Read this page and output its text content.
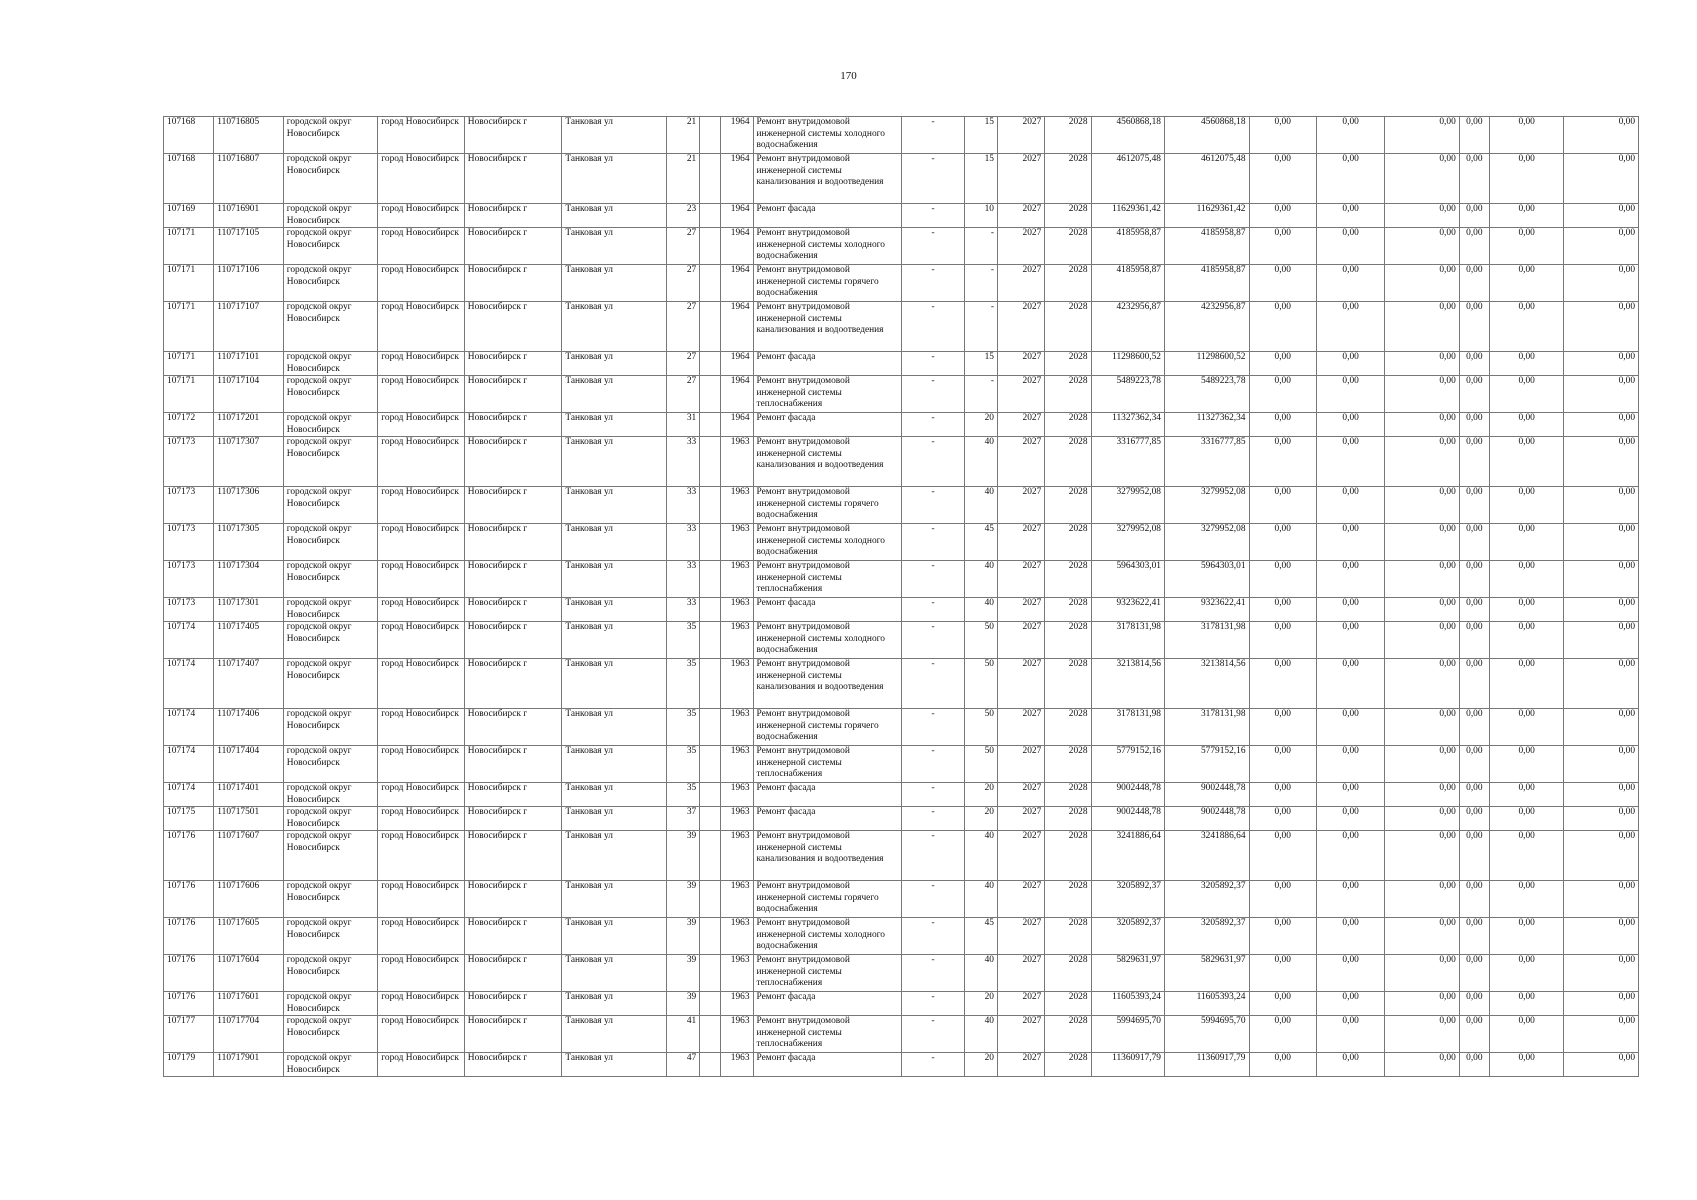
170
107168	110716805	городской округ Новосибирск	город Новосибирск	Новосибирск г	Танковая ул	21		1964	Ремонт внутридомовой инженерной системы холодного водоснабжения	-	15	2027	2028	4560868,18	4560868,18	0,00	0,00	0,00	0,00	0,00	0,00
107168	110716807	городской округ Новосибирск	город Новосибирск	Новосибирск г	Танковая ул	21		1964	Ремонт внутридомовой инженерной системы канализования и водоотведения	-	15	2027	2028	4612075,48	4612075,48	0,00	0,00	0,00	0,00	0,00	0,00
107169	110716901	городской округ Новосибирск	город Новосибирск	Новосибирск г	Танковая ул	23		1964	Ремонт фасада	-	10	2027	2028	11629361,42	11629361,42	0,00	0,00	0,00	0,00	0,00	0,00
107171	110717105	городской округ Новосибирск	город Новосибирск	Новосибирск г	Танковая ул	27		1964	Ремонт внутридомовой инженерной системы холодного водоснабжения	-	-	2027	2028	4185958,87	4185958,87	0,00	0,00	0,00	0,00	0,00	0,00
107171	110717106	городской округ Новосибирск	город Новосибирск	Новосибирск г	Танковая ул	27		1964	Ремонт внутридомовой инженерной системы горячего водоснабжения	-	-	2027	2028	4185958,87	4185958,87	0,00	0,00	0,00	0,00	0,00	0,00
107171	110717107	городской округ Новосибирск	город Новосибирск	Новосибирск г	Танковая ул	27		1964	Ремонт внутридомовой инженерной системы канализования и водоотведения	-	-	2027	2028	4232956,87	4232956,87	0,00	0,00	0,00	0,00	0,00	0,00
107171	110717101	городской округ Новосибирск	город Новосибирск	Новосибирск г	Танковая ул	27		1964	Ремонт фасада	-	15	2027	2028	11298600,52	11298600,52	0,00	0,00	0,00	0,00	0,00	0,00
107171	110717104	городской округ Новосибирск	город Новосибирск	Новосибирск г	Танковая ул	27		1964	Ремонт внутридомовой инженерной системы теплоснабжения	-	-	2027	2028	5489223,78	5489223,78	0,00	0,00	0,00	0,00	0,00	0,00
107172	110717201	городской округ Новосибирск	город Новосибирск	Новосибирск г	Танковая ул	31		1964	Ремонт фасада	-	20	2027	2028	11327362,34	11327362,34	0,00	0,00	0,00	0,00	0,00	0,00
107173	110717307	городской округ Новосибирск	город Новосибирск	Новосибирск г	Танковая ул	33		1963	Ремонт внутридомовой инженерной системы канализования и водоотведения	-	40	2027	2028	3316777,85	3316777,85	0,00	0,00	0,00	0,00	0,00	0,00
107173	110717306	городской округ Новосибирск	город Новосибирск	Новосибирск г	Танковая ул	33		1963	Ремонт внутридомовой инженерной системы горячего водоснабжения	-	40	2027	2028	3279952,08	3279952,08	0,00	0,00	0,00	0,00	0,00	0,00
107173	110717305	городской округ Новосибирск	город Новосибирск	Новосибирск г	Танковая ул	33		1963	Ремонт внутридомовой инженерной системы холодного водоснабжения	-	45	2027	2028	3279952,08	3279952,08	0,00	0,00	0,00	0,00	0,00	0,00
107173	110717304	городской округ Новосибирск	город Новосибирск	Новосибирск г	Танковая ул	33		1963	Ремонт внутридомовой инженерной системы теплоснабжения	-	40	2027	2028	5964303,01	5964303,01	0,00	0,00	0,00	0,00	0,00	0,00
107173	110717301	городской округ Новосибирск	город Новосибирск	Новосибирск г	Танковая ул	33		1963	Ремонт фасада	-	40	2027	2028	9323622,41	9323622,41	0,00	0,00	0,00	0,00	0,00	0,00
107174	110717405	городской округ Новосибирск	город Новосибирск	Новосибирск г	Танковая ул	35		1963	Ремонт внутридомовой инженерной системы холодного водоснабжения	-	50	2027	2028	3178131,98	3178131,98	0,00	0,00	0,00	0,00	0,00	0,00
107174	110717407	городской округ Новосибирск	город Новосибирск	Новосибирск г	Танковая ул	35		1963	Ремонт внутридомовой инженерной системы канализования и водоотведения	-	50	2027	2028	3213814,56	3213814,56	0,00	0,00	0,00	0,00	0,00	0,00
107174	110717406	городской округ Новосибирск	город Новосибирск	Новосибирск г	Танковая ул	35		1963	Ремонт внутридомовой инженерной системы горячего водоснабжения	-	50	2027	2028	3178131,98	3178131,98	0,00	0,00	0,00	0,00	0,00	0,00
107174	110717404	городской округ Новосибирск	город Новосибирск	Новосибирск г	Танковая ул	35		1963	Ремонт внутридомовой инженерной системы теплоснабжения	-	50	2027	2028	5779152,16	5779152,16	0,00	0,00	0,00	0,00	0,00	0,00
107174	110717401	городской округ Новосибирск	город Новосибирск	Новосибирск г	Танковая ул	35		1963	Ремонт фасада	-	20	2027	2028	9002448,78	9002448,78	0,00	0,00	0,00	0,00	0,00	0,00
107175	110717501	городской округ Новосибирск	город Новосибирск	Новосибирск г	Танковая ул	37		1963	Ремонт фасада	-	20	2027	2028	9002448,78	9002448,78	0,00	0,00	0,00	0,00	0,00	0,00
107176	110717607	городской округ Новосибирск	город Новосибирск	Новосибирск г	Танковая ул	39		1963	Ремонт внутридомовой инженерной системы канализования и водоотведения	-	40	2027	2028	3241886,64	3241886,64	0,00	0,00	0,00	0,00	0,00	0,00
107176	110717606	городской округ Новосибирск	город Новосибирск	Новосибирск г	Танковая ул	39		1963	Ремонт внутридомовой инженерной системы горячего водоснабжения	-	40	2027	2028	3205892,37	3205892,37	0,00	0,00	0,00	0,00	0,00	0,00
107176	110717605	городской округ Новосибирск	город Новосибирск	Новосибирск г	Танковая ул	39		1963	Ремонт внутридомовой инженерной системы холодного водоснабжения	-	45	2027	2028	3205892,37	3205892,37	0,00	0,00	0,00	0,00	0,00	0,00
107176	110717604	городской округ Новосибирск	город Новосибирск	Новосибирск г	Танковая ул	39		1963	Ремонт внутридомовой инженерной системы теплоснабжения	-	40	2027	2028	5829631,97	5829631,97	0,00	0,00	0,00	0,00	0,00	0,00
107176	110717601	городской округ Новосибирск	город Новосибирск	Новосибирск г	Танковая ул	39		1963	Ремонт фасада	-	20	2027	2028	11605393,24	11605393,24	0,00	0,00	0,00	0,00	0,00	0,00
107177	110717704	городской округ Новосибирск	город Новосибирск	Новосибирск г	Танковая ул	41		1963	Ремонт внутридомовой инженерной системы теплоснабжения	-	40	2027	2028	5994695,70	5994695,70	0,00	0,00	0,00	0,00	0,00	0,00
107179	110717901	городской округ Новосибирск	город Новосибирск	Новосибирск г	Танковая ул	47		1963	Ремонт фасада	-	20	2027	2028	11360917,79	11360917,79	0,00	0,00	0,00	0,00	0,00	0,00
